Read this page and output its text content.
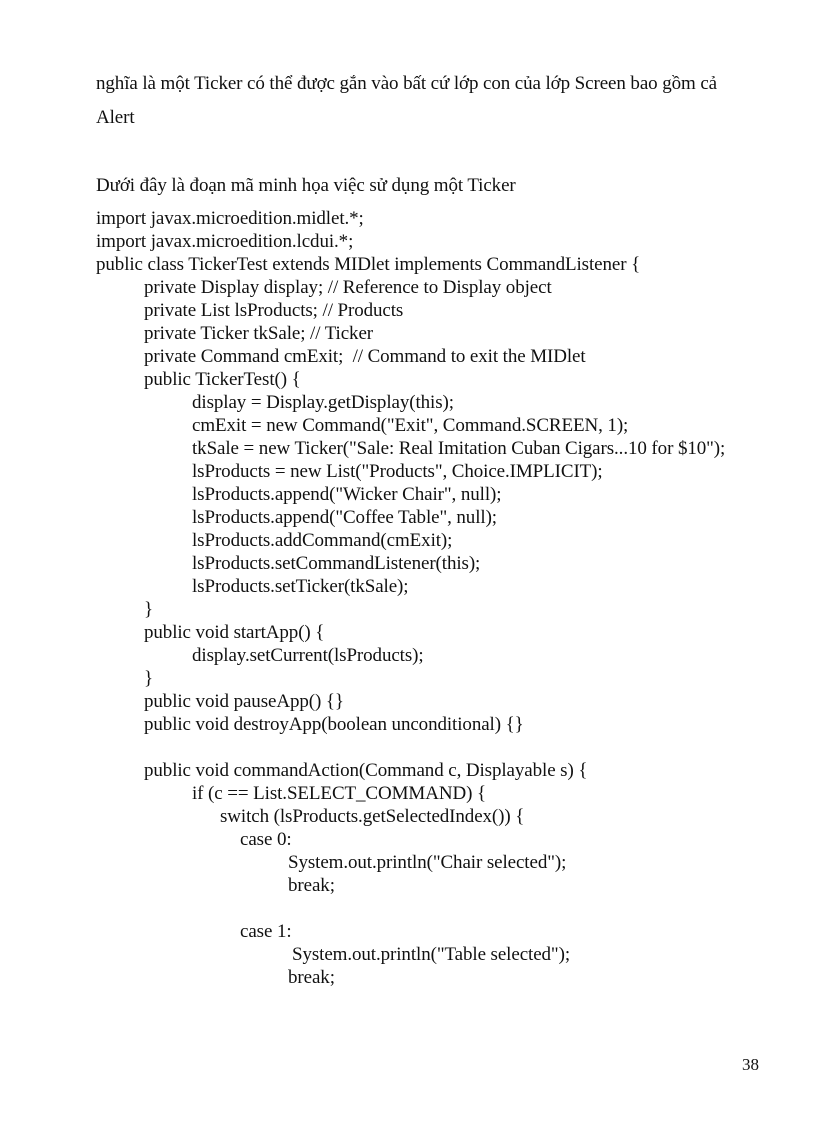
nghĩa là một Ticker có thể được gắn vào bất cứ lớp con của lớp Screen bao gồm cả
Alert
Dưới đây là đoạn mã minh họa việc sử dụng một Ticker
import javax.microedition.midlet.*;
import javax.microedition.lcdui.*;
public class TickerTest extends MIDlet implements CommandListener {
private Display display; // Reference to Display object
private List lsProducts; // Products
private Ticker tkSale; // Ticker
private Command cmExit;  // Command to exit the MIDlet
public TickerTest() {
display = Display.getDisplay(this);
cmExit = new Command("Exit", Command.SCREEN, 1);
tkSale = new Ticker("Sale: Real Imitation Cuban Cigars...10 for $10");
lsProducts = new List("Products", Choice.IMPLICIT);
lsProducts.append("Wicker Chair", null);
lsProducts.append("Coffee Table", null);
lsProducts.addCommand(cmExit);
lsProducts.setCommandListener(this);
lsProducts.setTicker(tkSale);
}
public void startApp() {
display.setCurrent(lsProducts);
}
public void pauseApp() {}
public void destroyApp(boolean unconditional) {}
public void commandAction(Command c, Displayable s) {
if (c == List.SELECT_COMMAND) {
switch (lsProducts.getSelectedIndex()) {
case 0:
System.out.println("Chair selected");
break;
case 1:
System.out.println("Table selected");
break;
38
